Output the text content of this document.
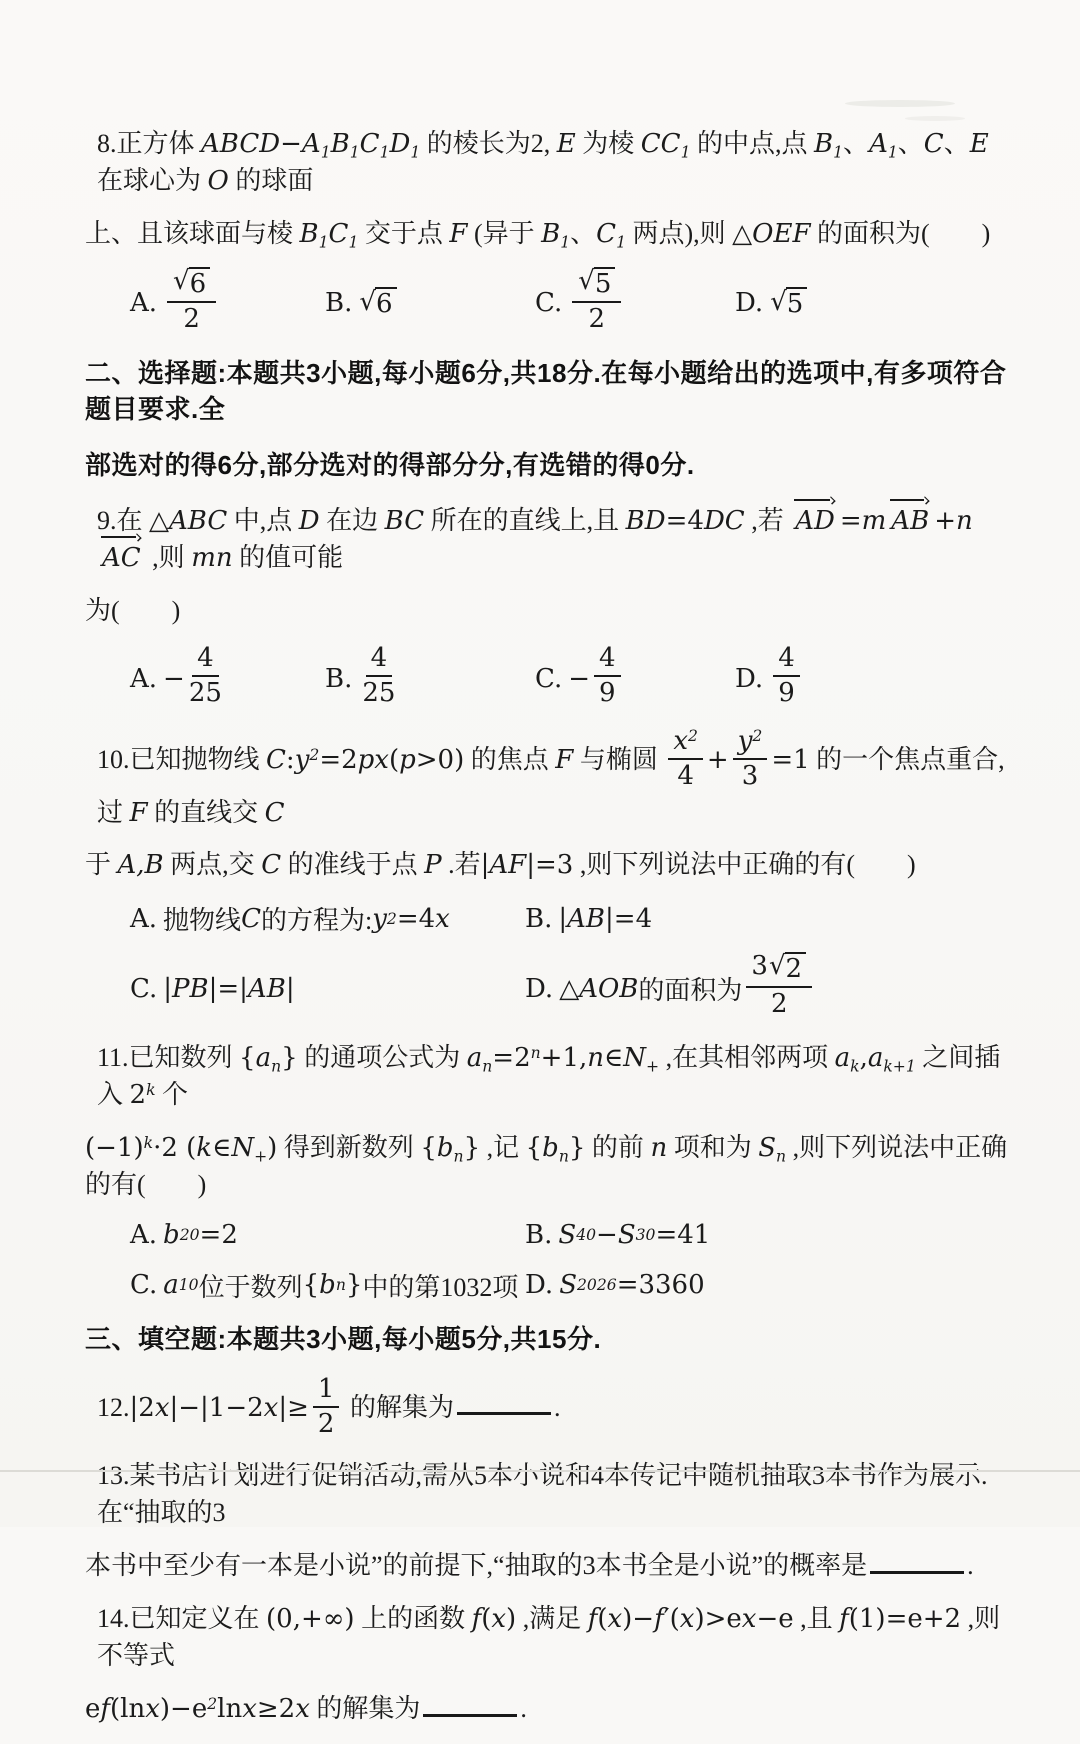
8.正方体 $ABCD-A_1B_1C_1D_1$ 的棱长为2, E 为棱 $CC_1$ 的中点,点 $B_1$、$A_1$、C、E 在球心为 O 的球面
上、且该球面与棱 $B_1C_1$ 交于点 F (异于 $B_1$、$C_1$ 两点),则 △OEF 的面积为(　　)
A. $\frac{√ 6}{2}$	B. √ 6	C. $\frac{√ 5}{2}$	D. √ 5
二、选择题:本题共3小题,每小题6分,共18分.在每小题给出的选项中,有多项符合题目要求.全
部选对的得6分,部分选对的得部分分,有选错的得0分.
9.在 △ABC 中,点 D 在边 BC 所在的直线上,且 BD=4DC ,若 AD =m AB +nAC ,则 mn 的值可能
为(　　)
A. − $\frac{4}{25}$	B. $\frac{4}{25}$	C. − $\frac{4}{9}$	D. $\frac{4}{9}$
10.已知抛物线 $C:y^2=2px(p>0)$ 的焦点 F 与椭圆 $\frac{x^2}{4} + \frac{y^2}{3} =1$ 的一个焦点重合,过 F 的直线交 C
于 A,B 两点,交 C 的准线于点 P .若|AF|=3 ,则下列说法中正确的有(　　)
A. 抛物线 C 的方程为: y 2 =4 x	B. | AB |=4
C. | PB |=| AB |	D. △ AOB 的面积为 $\frac{3 √ 2}{2}$
11.已知数列 $\{a_n\}$ 的通项公式为 $a_n=2^n+1,n\in N_+$ ,在其相邻两项 $a_k,a_{k+1}$ 之间插入 2$^k$ 个
$(-1)^k\cdot 2$ $(k\in N_+)$ 得到新数列 $\{b_n\}$ ,记 $\{b_n\}$ 的前 n 项和为 $S_n$ ,则下列说法中正确的有(　　)
A. b 20 =2	B. S 40 − S 30 =41
C. a 10 位于数列 { b n } 中的第1032项 D. S 2026 =3360
三、填空题:本题共3小题,每小题5分,共15分.
$12.|2x|-|1-2x|\ge \frac{1}{2}$ 的解集为	.
13.某书店计划进行促销活动,需从5本小说和4本传记中随机抽取3本书作为展示.在“抽取的3
本书中至少有一本是小说”的前提下,“抽取的3本书全是小说”的概率是	.
14.已知定义在 (0,+∞) 上的函数 f(x) ,满足 f(x)−f′(x)>ex−e ,且 f(1)=e+2 ,则不等式
$ef(\ln x)-e^2\ln x\ge 2x$ 的解集为	.
